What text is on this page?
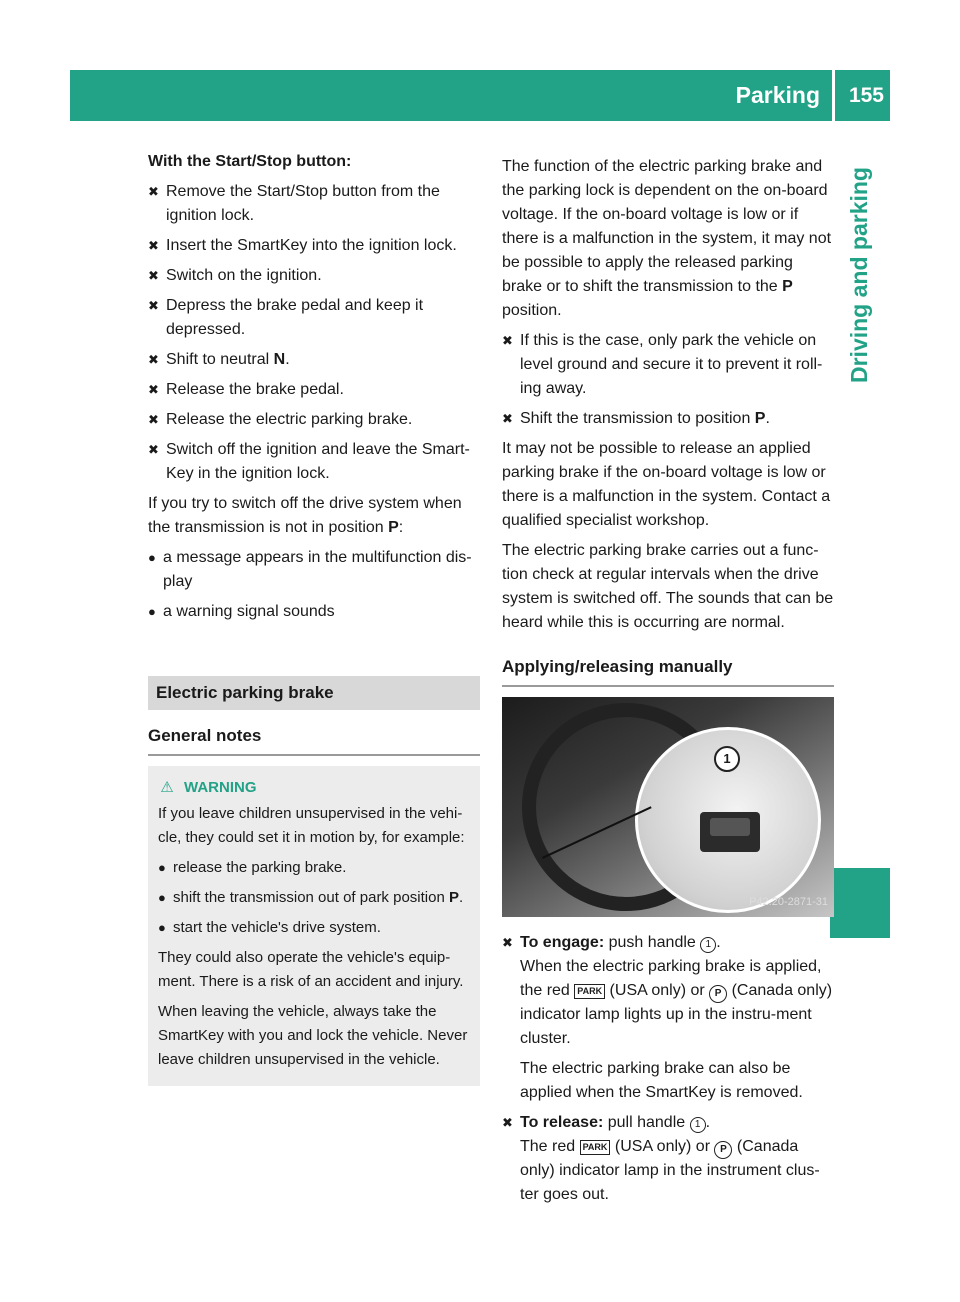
Parking 155
Driving and parking

With the Start/Stop button:

✖ Remove the Start/Stop button from the ignition lock.
✖ Insert the SmartKey into the ignition lock.
✖ Switch on the ignition.
✖ Depress the brake pedal and keep it depressed.
✖ Shift to neutral N.
✖ Release the brake pedal.
✖ Release the electric parking brake.
✖ Switch off the ignition and leave the Smart-Key in the ignition lock.

If you try to switch off the drive system when the transmission is not in position P:

● a message appears in the multifunction dis-play
● a warning signal sounds
Electric parking brake
General notes
⚠ WARNING

If you leave children unsupervised in the vehi-cle, they could set it in motion by, for example:

● release the parking brake.
● shift the transmission out of park position P.
● start the vehicle's drive system.

They could also operate the vehicle's equip-ment. There is a risk of an accident and injury.

When leaving the vehicle, always take the SmartKey with you and lock the vehicle. Never leave children unsupervised in the vehicle.

The function of the electric parking brake and the parking lock is dependent on the on-board voltage. If the on-board voltage is low or if there is a malfunction in the system, it may not be possible to apply the released parking brake or to shift the transmission to the P position.

✖ If this is the case, only park the vehicle on level ground and secure it to prevent it roll-ing away.
✖ Shift the transmission to position P.

It may not be possible to release an applied parking brake if the on-board voltage is low or there is a malfunction in the system. Contact a qualified specialist workshop.

The electric parking brake carries out a func-tion check at regular intervals when the drive system is switched off. The sounds that can be heard while this is occurring are normal.

Applying/releasing manually
1
P42.20-2871-31
✖ To engage: push handle 1 .
When the electric parking brake is applied, the red PARK (USA only) or P (Canada only) indicator lamp lights up in the instru-ment cluster.

The electric parking brake can also be applied when the SmartKey is removed.

✖ To release: pull handle 1 .
The red PARK (USA only) or P (Canada only) indicator lamp in the instrument clus-ter goes out.
